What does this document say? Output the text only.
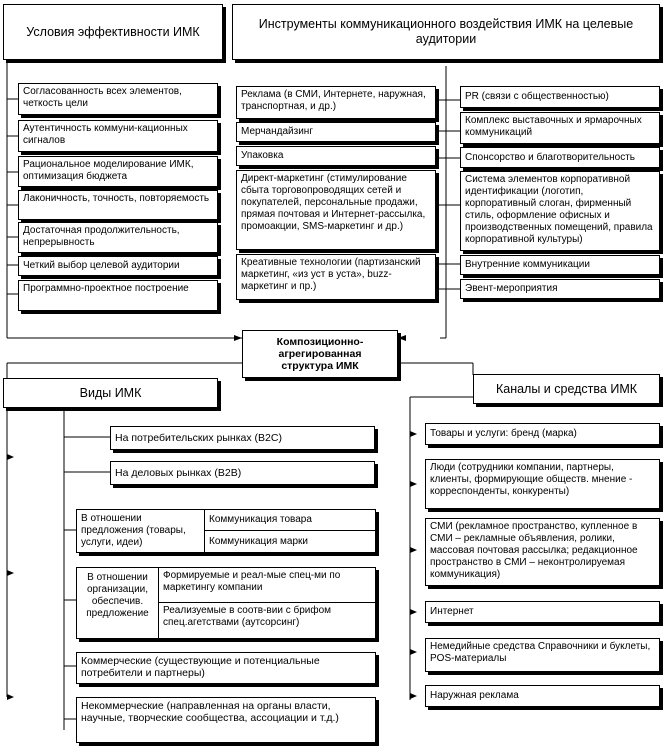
Условия эффективности ИМК
Согласованность всех элементов, четкость цели
Аутентичность коммуни-кационных сигналов
Рациональное моделирование ИМК, оптимизация бюджета
Лаконичность, точность, повторяемость
Достаточная продолжительность, непрерывность
Четкий выбор целевой аудитории
Программно-проектное построение
Инструменты коммуникационного воздействия ИМК на целевые аудитории
Реклама (в СМИ, Интернете, наружная, транспортная, и др.)
Мерчандайзинг
Упаковка
Директ-маркетинг (стимулирование сбыта торговопроводящих сетей и покупателей, персональные продажи, прямая почтовая и Интернет-рассылка, промоакции, SMS-маркетинг и др.)
Креативные технологии (партизанский маркетинг, «из уст в уста», buzz-маркетинг и пр.)
PR (связи с общественностью)
Комплекс выставочных и ярмарочных коммуникаций
Спонсорство и благотворительность
Система элементов корпоративной идентификации (логотип, корпоративный слоган, фирменный стиль, оформление офисных и производственных помещений, правила корпоративной культуры)
Внутренние коммуникации
Эвент-мероприятия
Композиционно-агрегированная структура ИМК
Виды ИМК
На потребительских рынках (В2С)
На деловых рынках (В2В)
В отношении предложения (товары, услуги, идеи)
Коммуникация товара
Коммуникация марки
В отношении организации, обеспечив. предложение
Формируемые и реал-мые спец-ми по маркетингу компании
Реализуемые в соотв-вии с брифом спец.агетствами (аутсорсинг)
Коммерческие (существующие и потенциальные потребители и партнеры)
Некоммерческие (направленная на органы власти, научные, творческие сообщества, ассоциации и т.д.)
Каналы и средства ИМК
Товары и услуги: бренд (марка)
Люди (сотрудники компании, партнеры, клиенты, формирующие обществ. мнение - корреспонденты, конкуренты)
СМИ (рекламное пространство, купленное в СМИ – рекламные объявления, ролики, массовая почтовая рассылка; редакционное пространство в СМИ – неконтролируемая коммуникация)
Интернет
Немедийные средства Справочники и буклеты, POS-материалы
Наружная реклама
